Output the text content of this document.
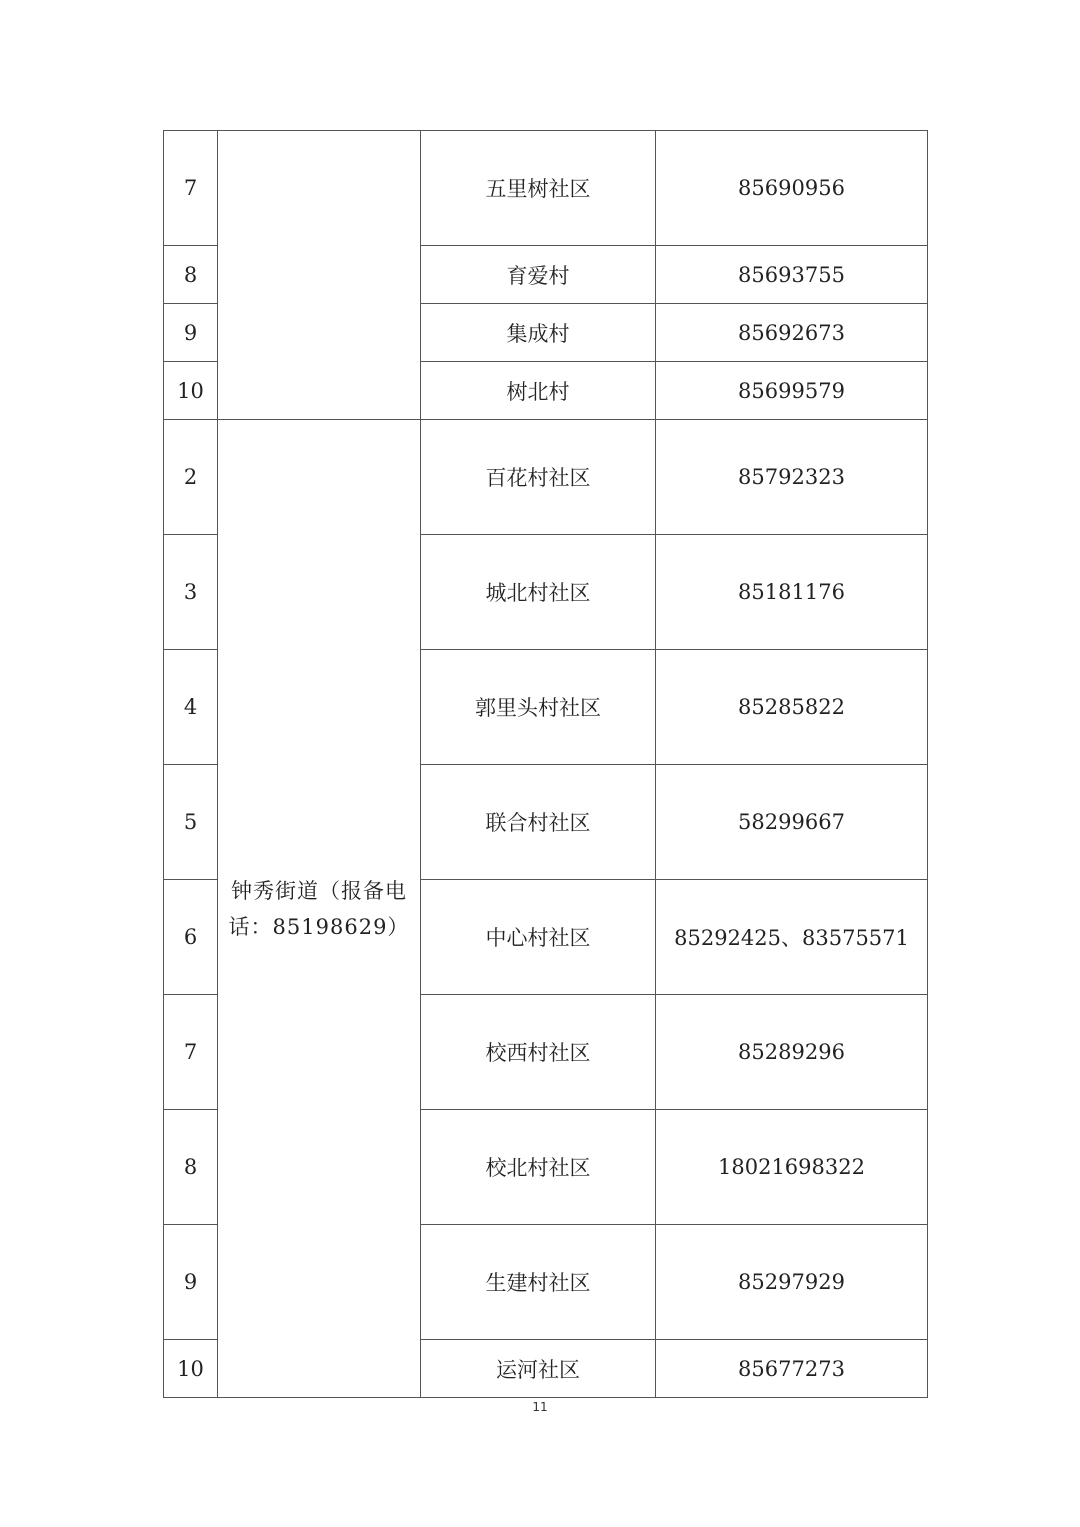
7		五里树社区	85690956
8		育爱村	85693755
9		集成村	85692673
10		树北村	85699579
2	钟秀街道（报备电话：85198629）	百花村社区	85792323
3		城北村社区	85181176
4		郭里头村社区	85285822
5		联合村社区	58299667
6		中心村社区	85292425、83575571
7		校西村社区	85289296
8		校北村社区	18021698322
9		生建村社区	85297929
10		运河社区	85677273
11
